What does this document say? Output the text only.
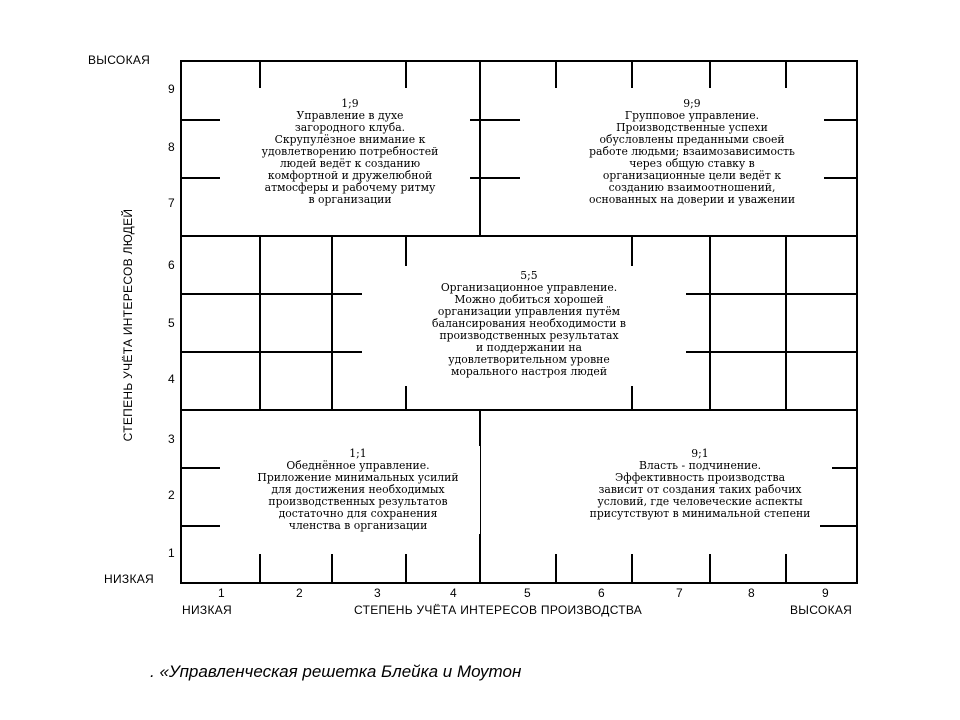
1;9
Управление в духе
загородного клуба.
Скрупулёзное внимание к
удовлетворению потребностей
людей ведёт к созданию
комфортной и дружелюбной
атмосферы и рабочему ритму
в организации
9;9
Групповое управление.
Производственные успехи
обусловлены преданными своей
работе людьми; взаимозависимость
через общую ставку в
организационные цели ведёт к
созданию взаимоотношений,
основанных на доверии и уважении
5;5
Организационное управление.
Можно добиться хорошей
организации управления путём
балансирования необходимости в
производственных результатах
и поддержании на
удовлетворительном уровне
морального настроя людей
1;1
Обеднённое управление.
Приложение минимальных усилий
для достижения необходимых
производственных результатов
достаточно для сохранения
членства в организации
9;1
Власть - подчинение.
Эффективность производства
зависит от создания таких рабочих
условий, где человеческие аспекты
присутствуют в минимальной степени
ВЫСОКАЯ
НИЗКАЯ
СТЕПЕНЬ УЧЁТА ИНТЕРЕСОВ ЛЮДЕЙ
9
8
7
6
5
4
3
2
1
1	2	3	4	5	6	7	8	9
НИЗКАЯ	СТЕПЕНЬ УЧЁТА ИНТЕРЕСОВ ПРОИЗВОДСТВА	ВЫСОКАЯ
. «Управленческая решетка Блейка и Моутон
